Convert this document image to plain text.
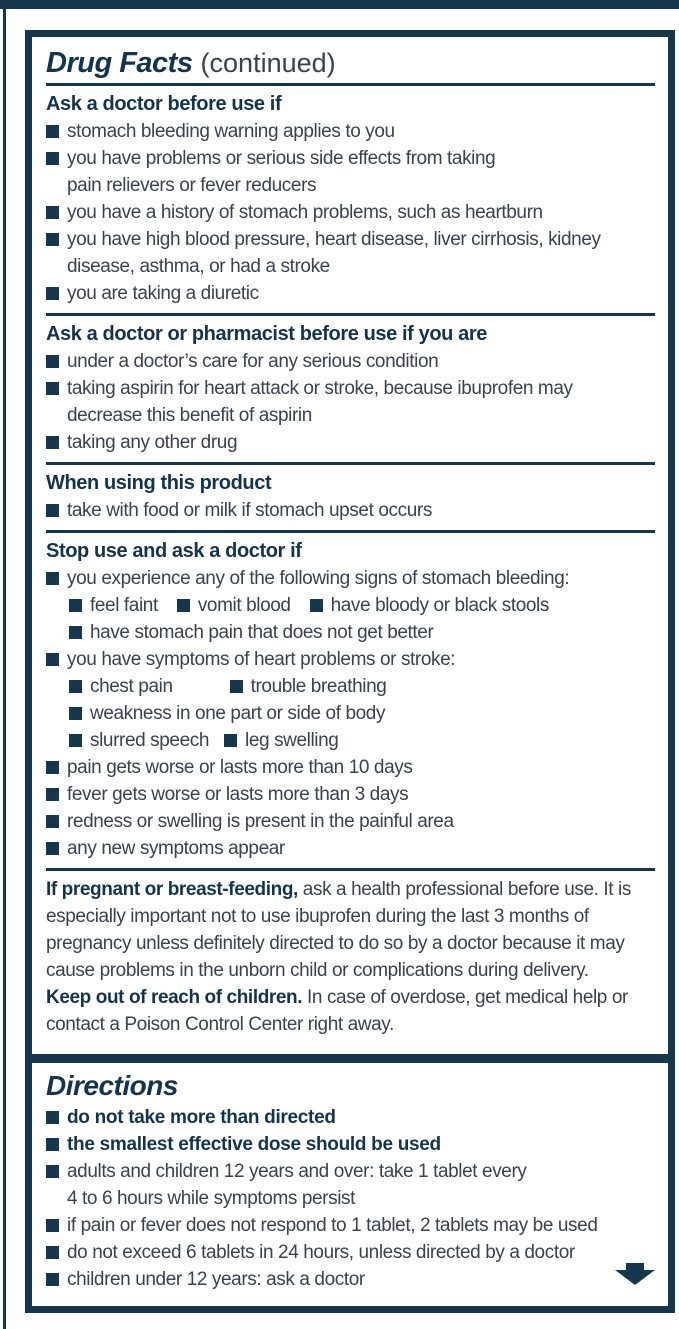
Drug Facts (continued)
Ask a doctor before use if
stomach bleeding warning applies to you
you have problems or serious side effects from taking
pain relievers or fever reducers
you have a history of stomach problems, such as heartburn
you have high blood pressure, heart disease, liver cirrhosis, kidney
disease, asthma, or had a stroke
you are taking a diuretic
Ask a doctor or pharmacist before use if you are
under a doctor’s care for any serious condition
taking aspirin for heart attack or stroke, because ibuprofen may
decrease this benefit of aspirin
taking any other drug
When using this product
take with food or milk if stomach upset occurs
Stop use and ask a doctor if
you experience any of the following signs of stomach bleeding:
feel faint vomit blood have bloody or black stools
have stomach pain that does not get better
you have symptoms of heart problems or stroke:
chest pain	trouble breathing
weakness in one part or side of body
slurred speech leg swelling
pain gets worse or lasts more than 10 days
fever gets worse or lasts more than 3 days
redness or swelling is present in the painful area
any new symptoms appear
If pregnant or breast-feeding, ask a health professional before use. It is
especially important not to use ibuprofen during the last 3 months of
pregnancy unless definitely directed to do so by a doctor because it may
cause problems in the unborn child or complications during delivery.
Keep out of reach of children. In case of overdose, get medical help or
contact a Poison Control Center right away.
Directions
do not take more than directed
the smallest effective dose should be used
adults and children 12 years and over: take 1 tablet every
4 to 6 hours while symptoms persist
if pain or fever does not respond to 1 tablet, 2 tablets may be used
do not exceed 6 tablets in 24 hours, unless directed by a doctor
children under 12 years: ask a doctor
